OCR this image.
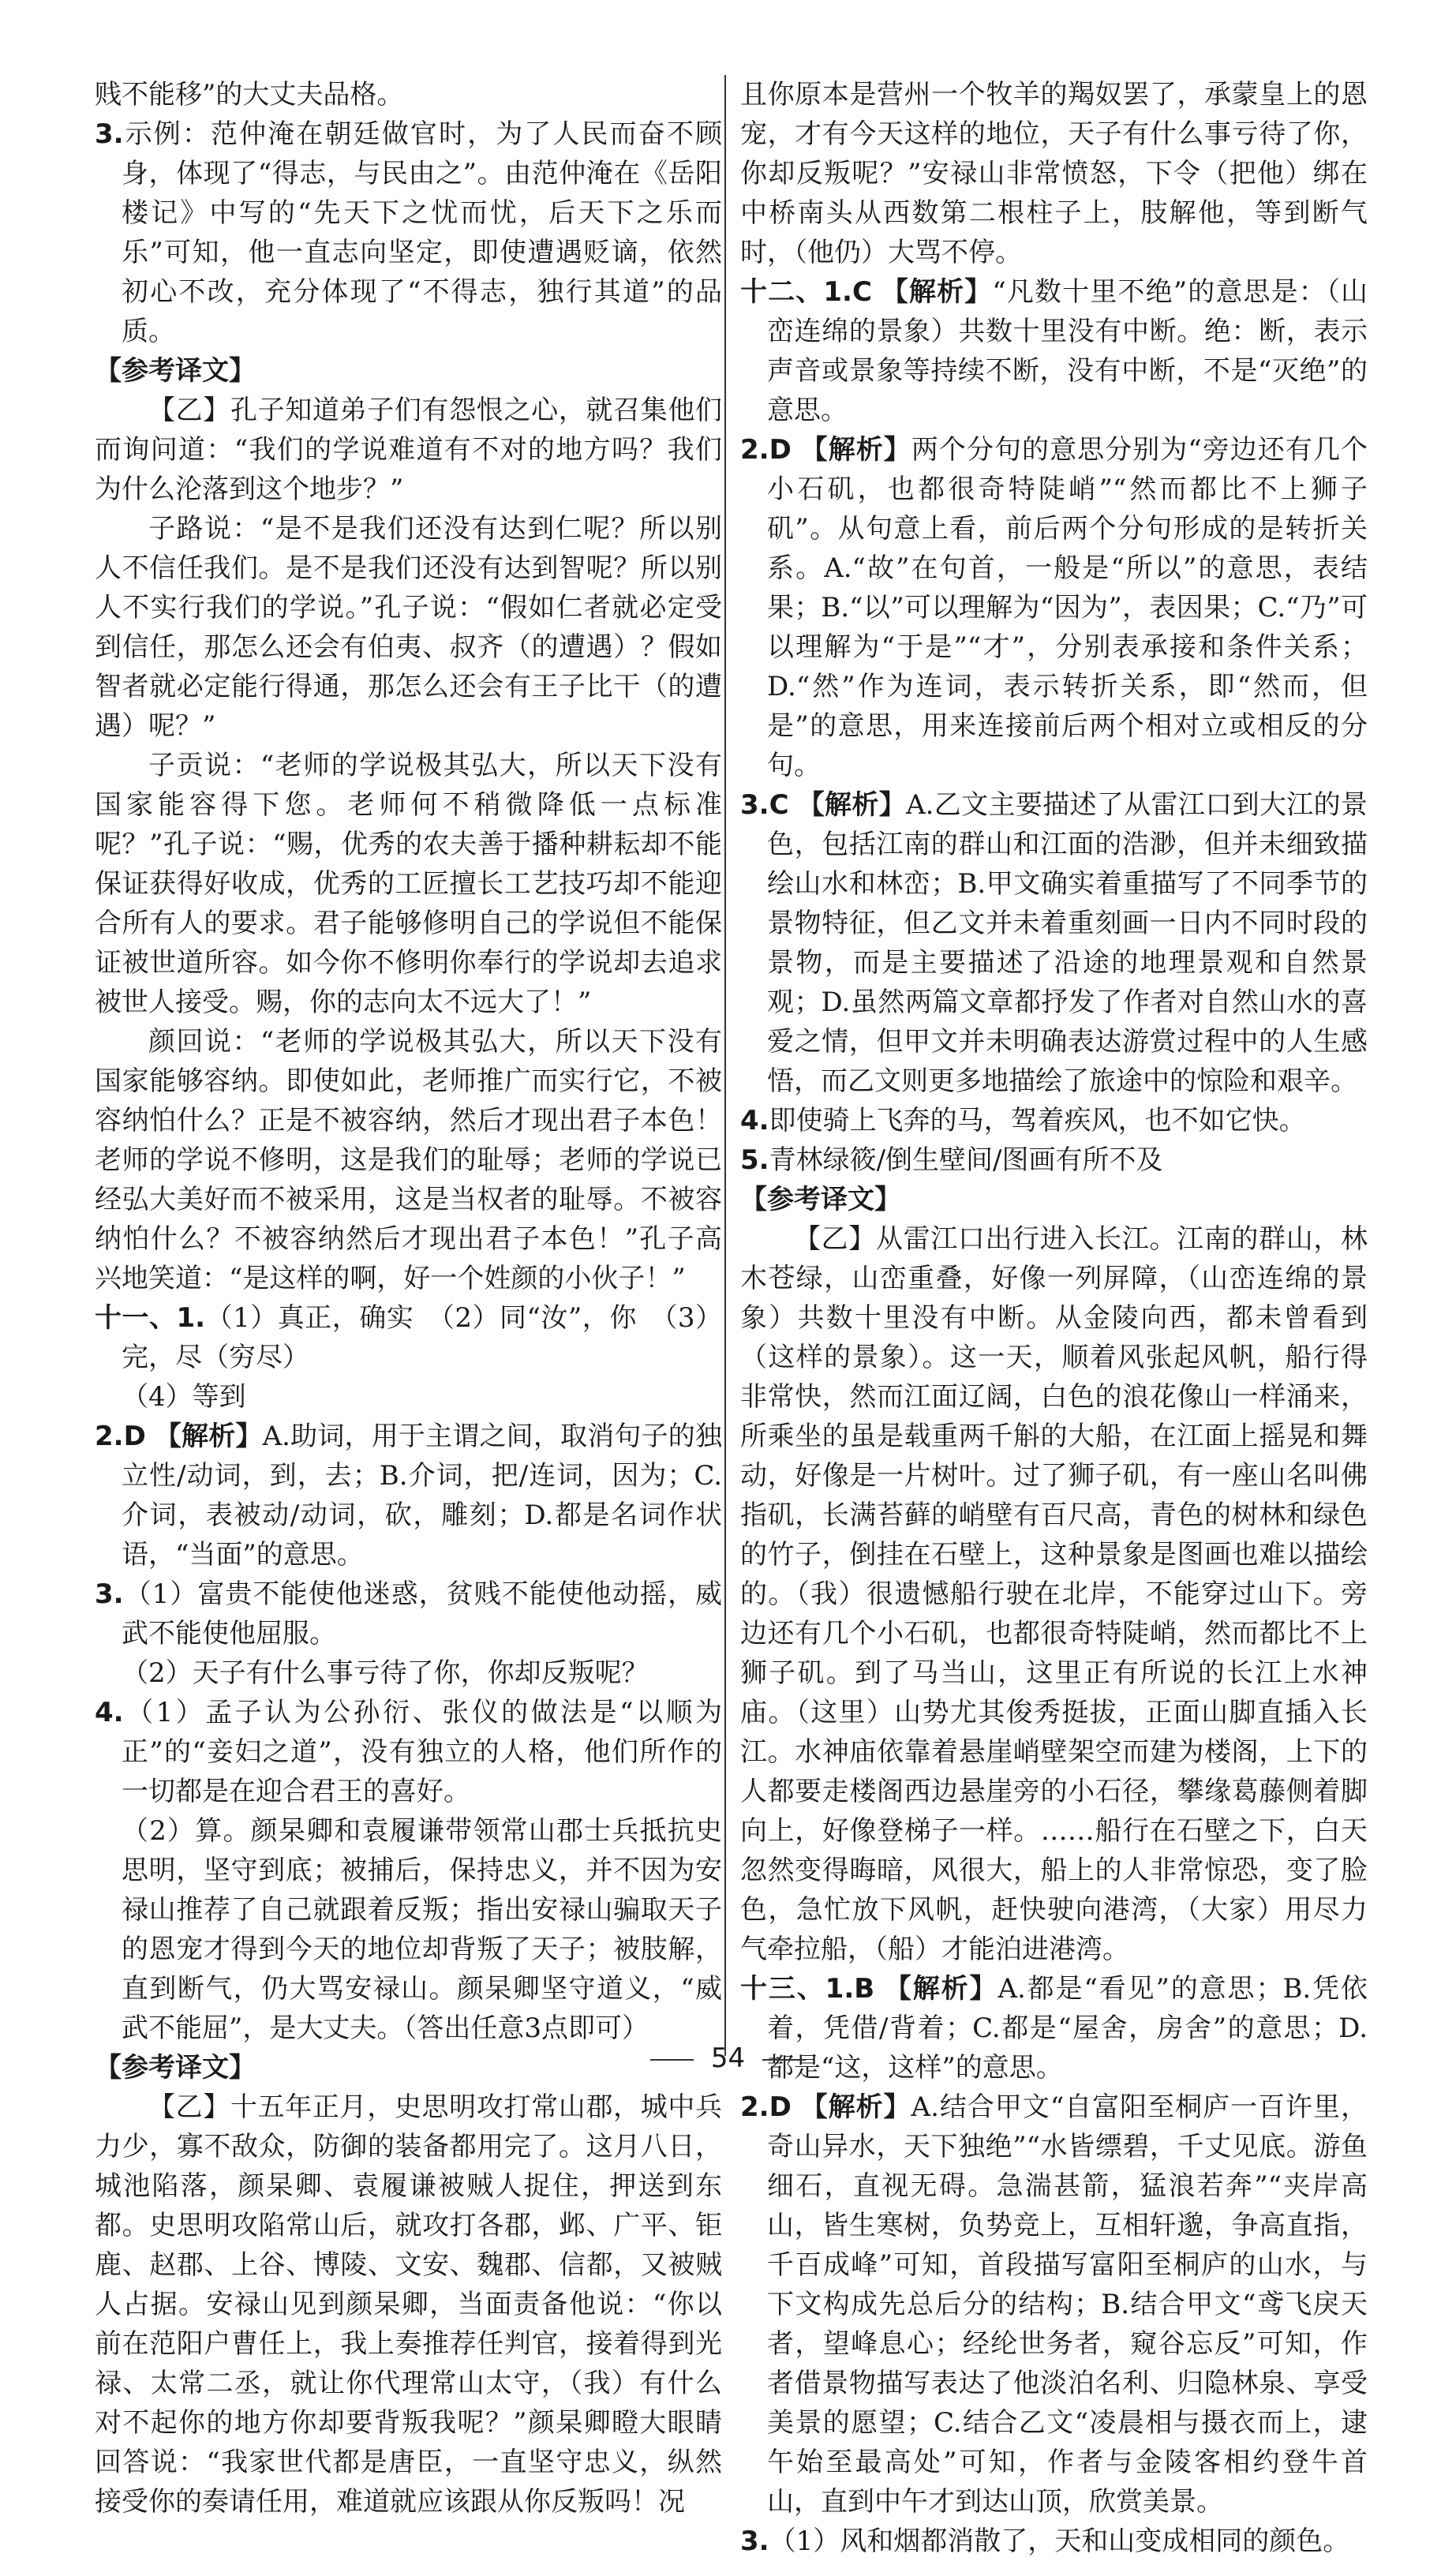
贱不能移”的大丈夫品格。

3.示例：范仲淹在朝廷做官时，为了人民而奋不顾身，体现了“得志，与民由之”。由范仲淹在《岳阳楼记》中写的“先天下之忧而忧，后天下之乐而乐”可知，他一直志向坚定，即使遭遇贬谪，依然初心不改，充分体现了“不得志，独行其道”的品质。

【参考译文】

【乙】孔子知道弟子们有怨恨之心，就召集他们而询问道：“我们的学说难道有不对的地方吗？我们为什么沦落到这个地步？”

子路说：“是不是我们还没有达到仁呢？所以别人不信任我们。是不是我们还没有达到智呢？所以别人不实行我们的学说。”孔子说：“假如仁者就必定受到信任，那怎么还会有伯夷、叔齐（的遭遇）？假如智者就必定能行得通，那怎么还会有王子比干（的遭遇）呢？”

子贡说：“老师的学说极其弘大，所以天下没有国家能容得下您。老师何不稍微降低一点标准呢？”孔子说：“赐，优秀的农夫善于播种耕耘却不能保证获得好收成，优秀的工匠擅长工艺技巧却不能迎合所有人的要求。君子能够修明自己的学说但不能保证被世道所容。如今你不修明你奉行的学说却去追求被世人接受。赐，你的志向太不远大了！”

颜回说：“老师的学说极其弘大，所以天下没有国家能够容纳。即使如此，老师推广而实行它，不被容纳怕什么？正是不被容纳，然后才现出君子本色！老师的学说不修明，这是我们的耻辱；老师的学说已经弘大美好而不被采用，这是当权者的耻辱。不被容纳怕什么？不被容纳然后才现出君子本色！”孔子高兴地笑道：“是这样的啊，好一个姓颜的小伙子！”

十一、1.（1）真正，确实　（2）同“汝”，你　（3）完，尽（穷尽）

（4）等到

2.D 【解析】A.助词，用于主谓之间，取消句子的独立性/动词，到，去；B.介词，把/连词，因为；C.介词，表被动/动词，砍，雕刻；D.都是名词作状语，“当面”的意思。

3.（1）富贵不能使他迷惑，贫贱不能使他动摇，威武不能使他屈服。

（2）天子有什么事亏待了你，你却反叛呢？

4.（1）孟子认为公孙衍、张仪的做法是“以顺为正”的“妾妇之道”，没有独立的人格，他们所作的一切都是在迎合君王的喜好。

（2）算。颜杲卿和袁履谦带领常山郡士兵抵抗史思明，坚守到底；被捕后，保持忠义，并不因为安禄山推荐了自己就跟着反叛；指出安禄山骗取天子的恩宠才得到今天的地位却背叛了天子；被肢解，直到断气，仍大骂安禄山。颜杲卿坚守道义，“威武不能屈”，是大丈夫。（答出任意3点即可）

【参考译文】

【乙】十五年正月，史思明攻打常山郡，城中兵力少，寡不敌众，防御的装备都用完了。这月八日，城池陷落，颜杲卿、袁履谦被贼人捉住，押送到东都。史思明攻陷常山后，就攻打各郡，邺、广平、钜鹿、赵郡、上谷、博陵、文安、魏郡、信都，又被贼人占据。安禄山见到颜杲卿，当面责备他说：“你以前在范阳户曹任上，我上奏推荐任判官，接着得到光禄、太常二丞，就让你代理常山太守，（我）有什么对不起你的地方你却要背叛我呢？”颜杲卿瞪大眼睛回答说：“我家世代都是唐臣，一直坚守忠义，纵然接受你的奏请任用，难道就应该跟从你反叛吗！况

且你原本是营州一个牧羊的羯奴罢了，承蒙皇上的恩宠，才有今天这样的地位，天子有什么事亏待了你，你却反叛呢？”安禄山非常愤怒，下令（把他）绑在中桥南头从西数第二根柱子上，肢解他，等到断气时，（他仍）大骂不停。

十二、1.C 【解析】“凡数十里不绝”的意思是：（山峦连绵的景象）共数十里没有中断。绝：断，表示声音或景象等持续不断，没有中断，不是“灭绝”的意思。

2.D 【解析】两个分句的意思分别为“旁边还有几个小石矶，也都很奇特陡峭”“然而都比不上狮子矶”。从句意上看，前后两个分句形成的是转折关系。A.“故”在句首，一般是“所以”的意思，表结果；B.“以”可以理解为“因为”，表因果；C.“乃”可以理解为“于是”“才”，分别表承接和条件关系；D.“然”作为连词，表示转折关系，即“然而，但是”的意思，用来连接前后两个相对立或相反的分句。

3.C 【解析】A.乙文主要描述了从雷江口到大江的景色，包括江南的群山和江面的浩渺，但并未细致描绘山水和林峦；B.甲文确实着重描写了不同季节的景物特征，但乙文并未着重刻画一日内不同时段的景物，而是主要描述了沿途的地理景观和自然景观；D.虽然两篇文章都抒发了作者对自然山水的喜爱之情，但甲文并未明确表达游赏过程中的人生感悟，而乙文则更多地描绘了旅途中的惊险和艰辛。

4.即使骑上飞奔的马，驾着疾风，也不如它快。

5.青林绿筱/倒生壁间/图画有所不及

【参考译文】

【乙】从雷江口出行进入长江。江南的群山，林木苍绿，山峦重叠，好像一列屏障，（山峦连绵的景象）共数十里没有中断。从金陵向西，都未曾看到（这样的景象）。这一天，顺着风张起风帆，船行得非常快，然而江面辽阔，白色的浪花像山一样涌来，所乘坐的虽是载重两千斛的大船，在江面上摇晃和舞动，好像是一片树叶。过了狮子矶，有一座山名叫佛指矶，长满苔藓的峭壁有百尺高，青色的树林和绿色的竹子，倒挂在石壁上，这种景象是图画也难以描绘的。（我）很遗憾船行驶在北岸，不能穿过山下。旁边还有几个小石矶，也都很奇特陡峭，然而都比不上狮子矶。到了马当山，这里正有所说的长江上水神庙。（这里）山势尤其俊秀挺拔，正面山脚直插入长江。水神庙依靠着悬崖峭壁架空而建为楼阁，上下的人都要走楼阁西边悬崖旁的小石径，攀缘葛藤侧着脚向上，好像登梯子一样。……船行在石壁之下，白天忽然变得晦暗，风很大，船上的人非常惊恐，变了脸色，急忙放下风帆，赶快驶向港湾，（大家）用尽力气牵拉船，（船）才能泊进港湾。

十三、1.B 【解析】A.都是“看见”的意思；B.凭依着，凭借/背着；C.都是“屋舍，房舍”的意思；D.都是“这，这样”的意思。

2.D 【解析】A.结合甲文“自富阳至桐庐一百许里，奇山异水，天下独绝”“水皆缥碧，千丈见底。游鱼细石，直视无碍。急湍甚箭，猛浪若奔”“夹岸高山，皆生寒树，负势竞上，互相轩邈，争高直指，千百成峰”可知，首段描写富阳至桐庐的山水，与下文构成先总后分的结构；B.结合甲文“鸢飞戾天者，望峰息心；经纶世务者，窥谷忘反”可知，作者借景物描写表达了他淡泊名利、归隐林泉、享受美景的愿望；C.结合乙文“凌晨相与摄衣而上，逮午始至最高处”可知，作者与金陵客相约登牛首山，直到中午才到达山顶，欣赏美景。

3.（1）风和烟都消散了，天和山变成相同的颜色。

54
